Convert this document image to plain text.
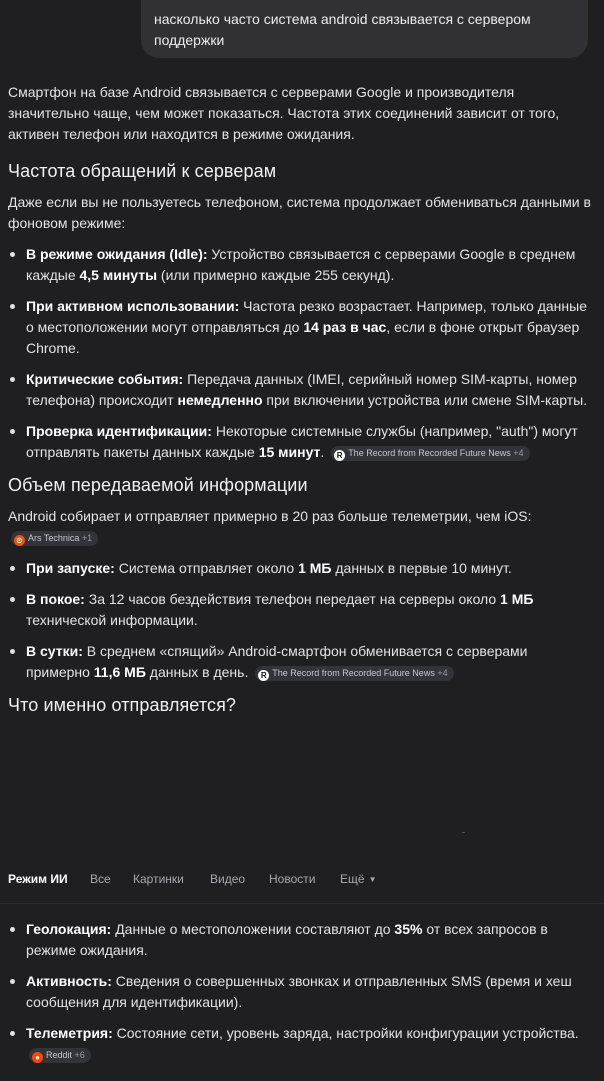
насколько часто система android связывается с сервером поддержки

Смартфон на базе Android связывается с серверами Google и производителя значительно чаще, чем может показаться. Частота этих соединений зависит от того, активен телефон или находится в режиме ожидания.

Частота обращений к серверам

Даже если вы не пользуетесь телефоном, система продолжает обмениваться данными в фоновом режиме:

В режиме ожидания (Idle): Устройство связывается с серверами Google в среднем каждые 4,5 минуты (или примерно каждые 255 секунд).
При активном использовании: Частота резко возрастает. Например, только данные о местоположении могут отправляться до 14 раз в час, если в фоне открыт браузер Chrome.
Критические события: Передача данных (IMEI, серийный номер SIM-карты, номер телефона) происходит немедленно при включении устройства или смене SIM-карты.
Проверка идентификации: Некоторые системные службы (например, "auth") могут отправлять пакеты данных каждые 15 минут. R The Record from Recorded Future News +4
Объем передаваемой информации

Android собирает и отправляет примерно в 20 раз больше телеметрии, чем iOS: ⊙ Ars Technica +1

При запуске: Система отправляет около 1 МБ данных в первые 10 минут.
В покое: За 12 часов бездействия телефон передает на серверы около 1 МБ технической информации.
В сутки: В среднем «спящий» Android-смартфон обменивается с серверами примерно 11,6 МБ данных в день. R The Record from Recorded Future News +4
Что именно отправляется?
Режим ИИ Все Картинки Видео Новости Ещё ▼
Геолокация: Данные о местоположении составляют до 35% от всех запросов в режиме ожидания.
Активность: Сведения о совершенных звонках и отправленных SMS (время и хеш сообщения для идентификации).
Телеметрия: Состояние сети, уровень заряда, настройки конфигурации устройства. ● Reddit +6
